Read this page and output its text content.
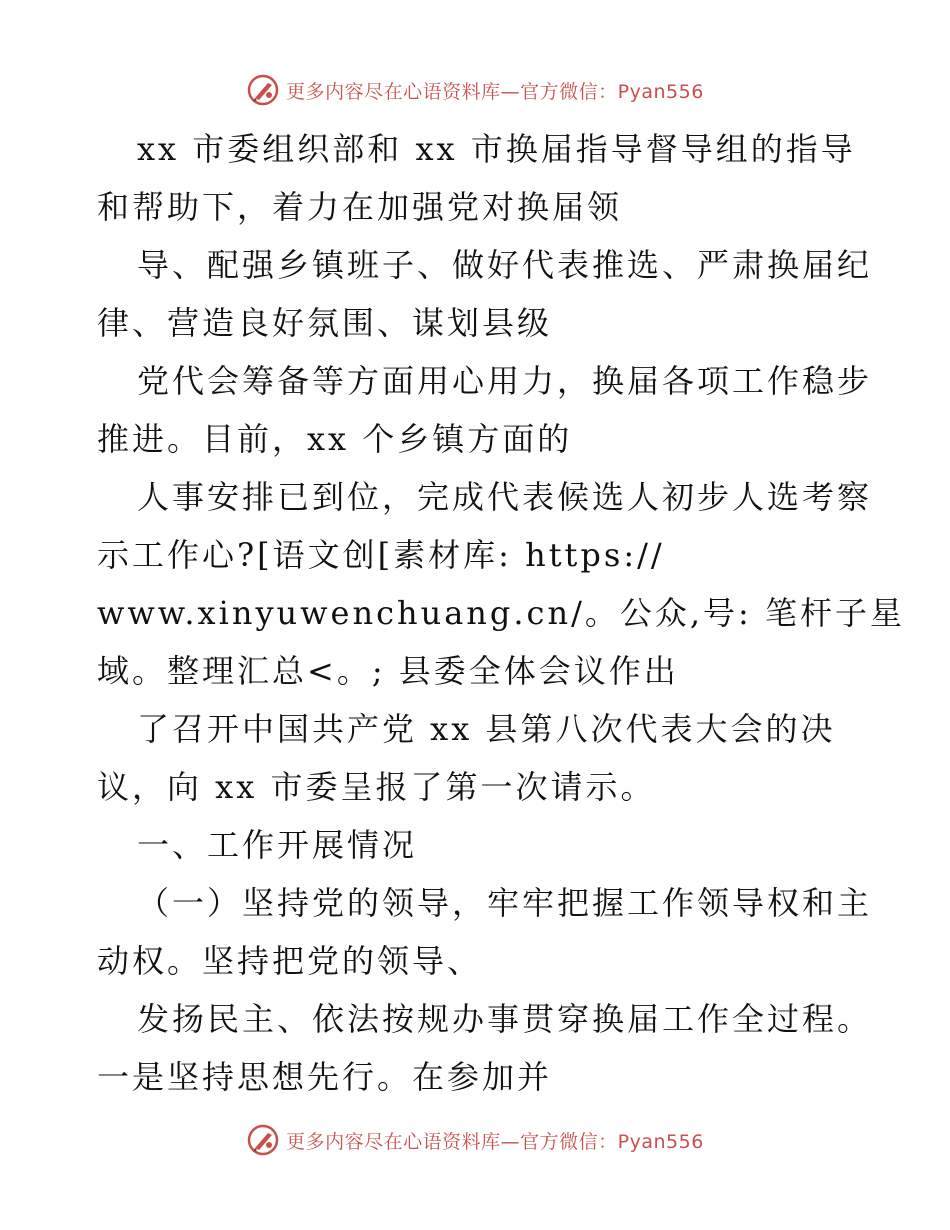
更多内容尽在心语资料库—官方微信：Pyan556
xx 市委组织部和 xx 市换届指导督导组的指导
和帮助下，着力在加强党对换届领
导、配强乡镇班子、做好代表推选、严肃换届纪
律、营造良好氛围、谋划县级
党代会筹备等方面用心用力，换届各项工作稳步
推进。目前，xx 个乡镇方面的
人事安排已到位，完成代表候选人初步人选考察
示工作心?[语文创[素材库: https://
www.xinyuwenchuang.cn/。公众,号: 笔杆子星
域。整理汇总<。; 县委全体会议作出
了召开中国共产党 xx 县第八次代表大会的决
议，向 xx 市委呈报了第一次请示。
一、工作开展情况
（一）坚持党的领导，牢牢把握工作领导权和主
动权。坚持把党的领导、
发扬民主、依法按规办事贯穿换届工作全过程。
一是坚持思想先行。在参加并
更多内容尽在心语资料库—官方微信：Pyan556
